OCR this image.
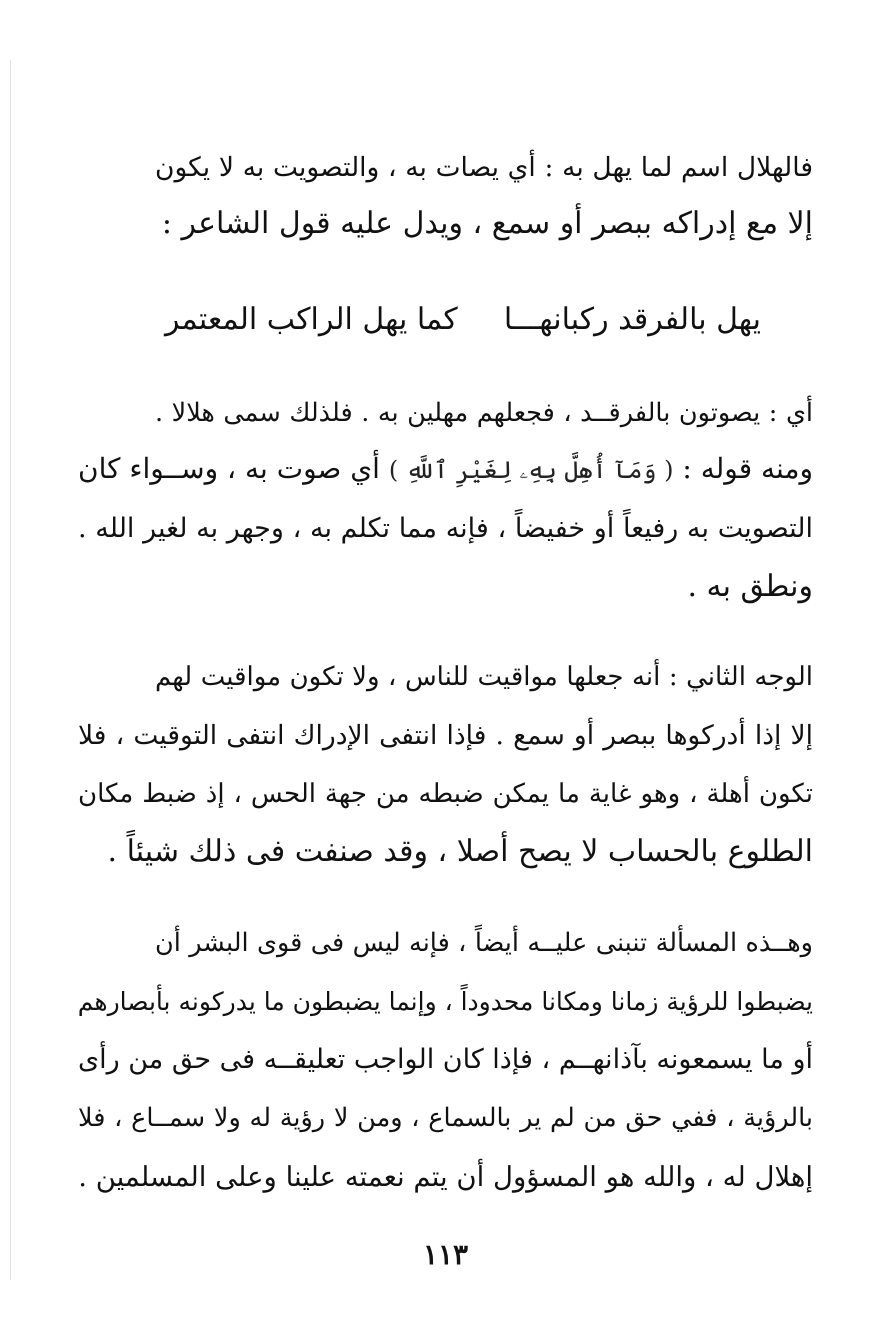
فالهلال اسم لما يهل به : أي يصات به ، والتصويت به لا يكون
إلا مع إدراكه ببصر أو سمع ، ويدل عليه قول الشاعر :
يهل بالفرقد ركبانهـــا
كما يهل الراكب المعتمر
أي : يصوتون بالفرقــد ، فجعلهم مهلين به . فلذلك سمى هلالا .
ومنه قوله : ( وَمَآ أُهِلَّ بِهِۦ لِغَيْرِ ٱللَّهِ ) أي صوت به ، وســواء كان
التصويت به رفيعاً أو خفيضاً ، فإنه مما تكلم به ، وجهر به لغير الله .
ونطق به .
الوجه الثاني : أنه جعلها مواقيت للناس ، ولا تكون مواقيت لهم
إلا إذا أدركوها ببصر أو سمع . فإذا انتفى الإدراك انتفى التوقيت ، فلا
تكون أهلة ، وهو غاية ما يمكن ضبطه من جهة الحس ، إذ ضبط مكان
الطلوع بالحساب لا يصح أصلا ، وقد صنفت فى ذلك شيئاً .
وهــذه المسألة تنبنى عليــه أيضاً ، فإنه ليس فى قوى البشر أن
يضبطوا للرؤية زمانا ومكانا محدوداً ، وإنما يضبطون ما يدركونه بأبصارهم
أو ما يسمعونه بآذانهــم ، فإذا كان الواجب تعليقــه فى حق من رأى
بالرؤية ، ففي حق من لم ير بالسماع ، ومن لا رؤية له ولا سمــاع ، فلا
إهلال له ، والله هو المسؤول أن يتم نعمته علينا وعلى المسلمين .
١١٣
